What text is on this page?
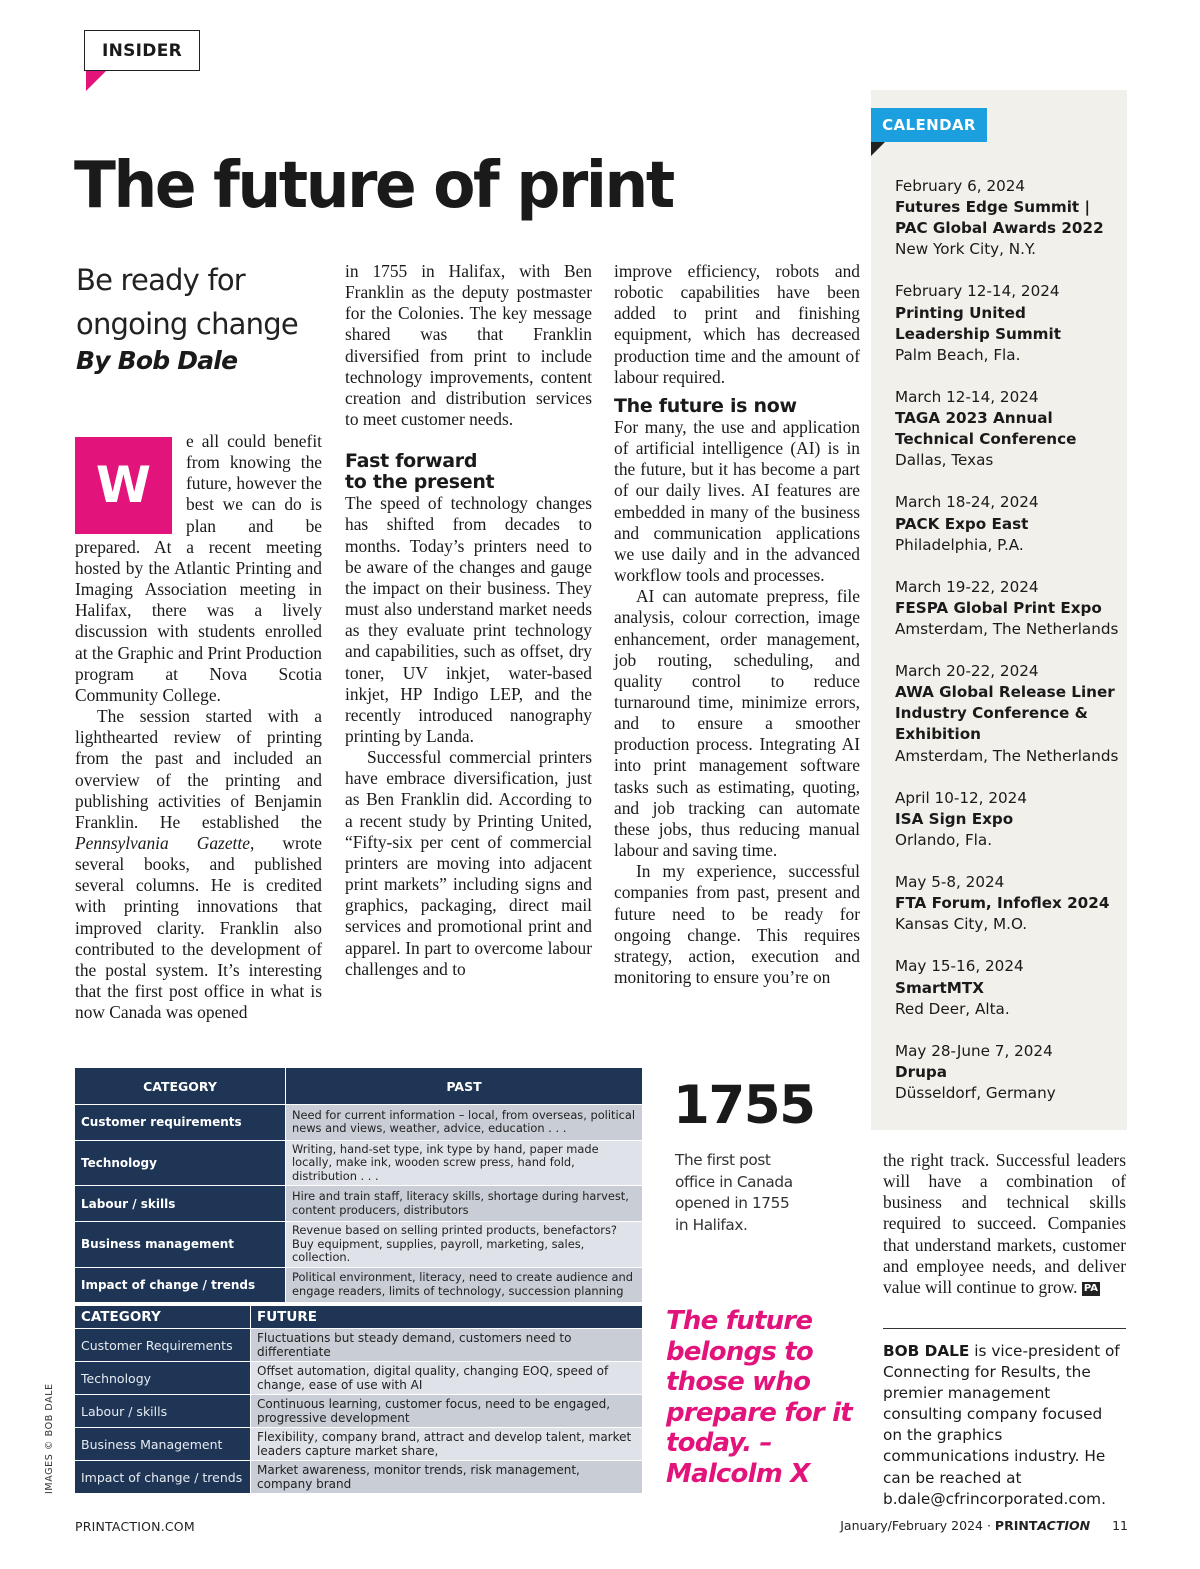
INSIDER
The future of print
Be ready for ongoing change
By Bob Dale

W
e all could benefit from knowing the future, however the best we can do is plan and be prepared. At a recent meeting hosted by the Atlantic Printing and Imaging Association meeting in Halifax, there was a lively discussion with students enrolled at the Graphic and Print Production program at Nova Scotia Community College.

The session started with a lighthearted review of printing from the past and included an overview of the printing and publishing activities of Benjamin Franklin. He established the Pennsylvania Gazette, wrote several books, and published several columns. He is credited with printing innovations that improved clarity. Franklin also contributed to the development of the postal system. It’s interesting that the first post office in what is now Canada was opened

in 1755 in Halifax, with Ben Franklin as the deputy postmaster for the Colonies. The key message shared was that Franklin diversified from print to include technology improvements, content creation and distribution services to meet customer needs.

Fast forward
to the present

The speed of technology changes has shifted from decades to months. Today’s printers need to be aware of the changes and gauge the impact on their business. They must also understand market needs as they evaluate print technology and capabilities, such as offset, dry toner, UV inkjet, water-based inkjet, HP Indigo LEP, and the recently introduced nanography printing by Landa.

Successful commercial printers have embrace diversification, just as Ben Franklin did. According to a recent study by Printing United, “Fifty-six per cent of commercial printers are moving into adjacent print markets” including signs and graphics, packaging, direct mail services and promotional print and apparel. In part to overcome labour challenges and to

improve efficiency, robots and robotic capabilities have been added to print and finishing equipment, which has decreased production time and the amount of labour required.

The future is now

For many, the use and application of artificial intelligence (AI) is in the future, but it has become a part of our daily lives. AI features are embedded in many of the business and communication applications we use daily and in the advanced workflow tools and processes.

AI can automate prepress, file analysis, colour correction, image enhancement, order management, job routing, scheduling, and quality control to reduce turnaround time, minimize errors, and to ensure a smoother production process. Integrating AI into print management software tasks such as estimating, quoting, and job tracking can automate these jobs, thus reducing manual labour and saving time.

In my experience, successful companies from past, present and future need to be ready for ongoing change. This requires strategy, action, execution and monitoring to ensure you’re on

the right track. Successful leaders will have a combination of business and technical skills required to succeed. Companies that understand markets, customer and employee needs, and deliver value will continue to grow. PA

CALENDAR
February 6, 2024
Futures Edge Summit | PAC Global Awards 2022
New York City, N.Y.
February 12-14, 2024
Printing United Leadership Summit
Palm Beach, Fla.
March 12-14, 2024
TAGA 2023 Annual Technical Conference
Dallas, Texas
March 18-24, 2024
PACK Expo East
Philadelphia, P.A.
March 19-22, 2024
FESPA Global Print Expo
Amsterdam, The Netherlands
March 20-22, 2024
AWA Global Release Liner Industry Conference & Exhibition
Amsterdam, The Netherlands
April 10-12, 2024
ISA Sign Expo
Orlando, Fla.
May 5-8, 2024
FTA Forum, Infoflex 2024
Kansas City, M.O.
May 15-16, 2024
SmartMTX
Red Deer, Alta.
May 28-June 7, 2024
Drupa
Düsseldorf, Germany
CATEGORY	PAST
Customer requirements	Need for current information – local, from overseas, political news and views, weather, advice, education . . .
Technology	Writing, hand-set type, ink type by hand, paper made locally, make ink, wooden screw press, hand fold, distribution . . .
Labour / skills	Hire and train staff, literacy skills, shortage during harvest, content producers, distributors
Business management	Revenue based on selling printed products, benefactors? Buy equipment, supplies, payroll, marketing, sales, collection.
Impact of change / trends	Political environment, literacy, need to create audience and engage readers, limits of technology, succession planning
CATEGORY	FUTURE
Customer Requirements	Fluctuations but steady demand, customers need to differentiate
Technology	Offset automation, digital quality, changing EOQ, speed of change, ease of use with AI
Labour / skills	Continuous learning, customer focus, need to be engaged, progressive development
Business Management	Flexibility, company brand, attract and develop talent, market leaders capture market share,
Impact of change / trends	Market awareness, monitor trends, risk management, company brand
1755
The first post office in Canada opened in 1755 in Halifax.
The future belongs to those who prepare for it today. – Malcolm X
BOB DALE is vice-president of Connecting for Results, the premier management consulting company focused on the graphics communications industry. He can be reached at b.dale@cfrincorporated.com.
IMAGES © BOB DALE
PRINTACTION.COM	January/February 2024 · PRINTACTION 11
